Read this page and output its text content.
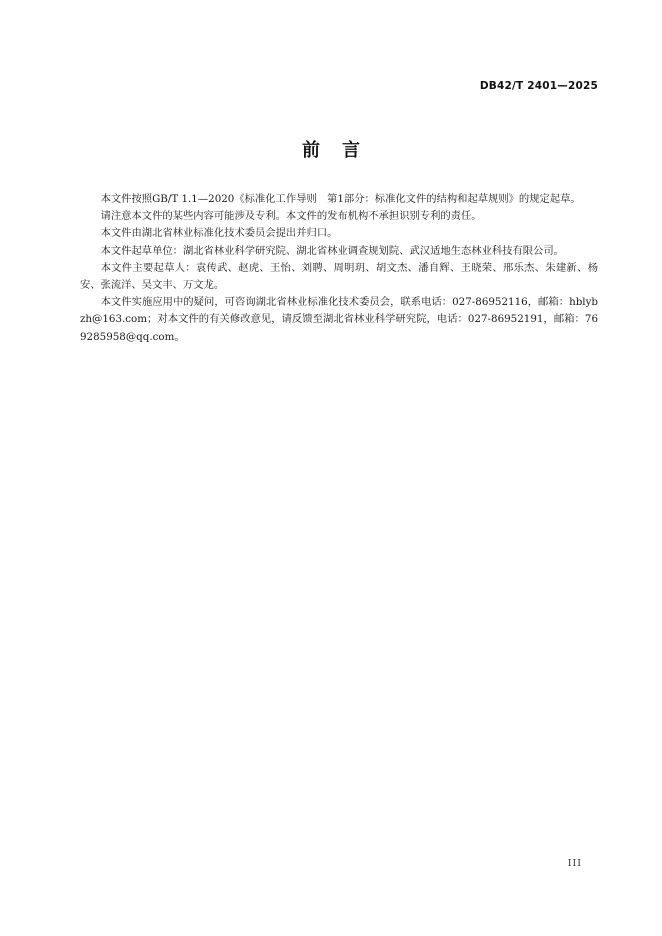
DB42/T 2401—2025
前言

本文件按照GB/T 1.1—2020《标准化工作导则　第1部分：标准化文件的结构和起草规则》的规定起草。

请注意本文件的某些内容可能涉及专利。本文件的发布机构不承担识别专利的责任。

本文件由湖北省林业标准化技术委员会提出并归口。

本文件起草单位：湖北省林业科学研究院、湖北省林业调查规划院、武汉适地生态林业科技有限公司。

本文件主要起草人：袁传武、赵虎、王怡、刘聘、周明玥、胡文杰、潘自辉、王晓荣、邢乐杰、朱建新、杨安、张流洋、吴文丰、万文龙。

本文件实施应用中的疑问，可咨询湖北省林业标准化技术委员会，联系电话：027-86952116，邮箱：hblybzh@163.com；对本文件的有关修改意见，请反馈至湖北省林业科学研究院，电话：027-86952191，邮箱：769285958@qq.com。

III
